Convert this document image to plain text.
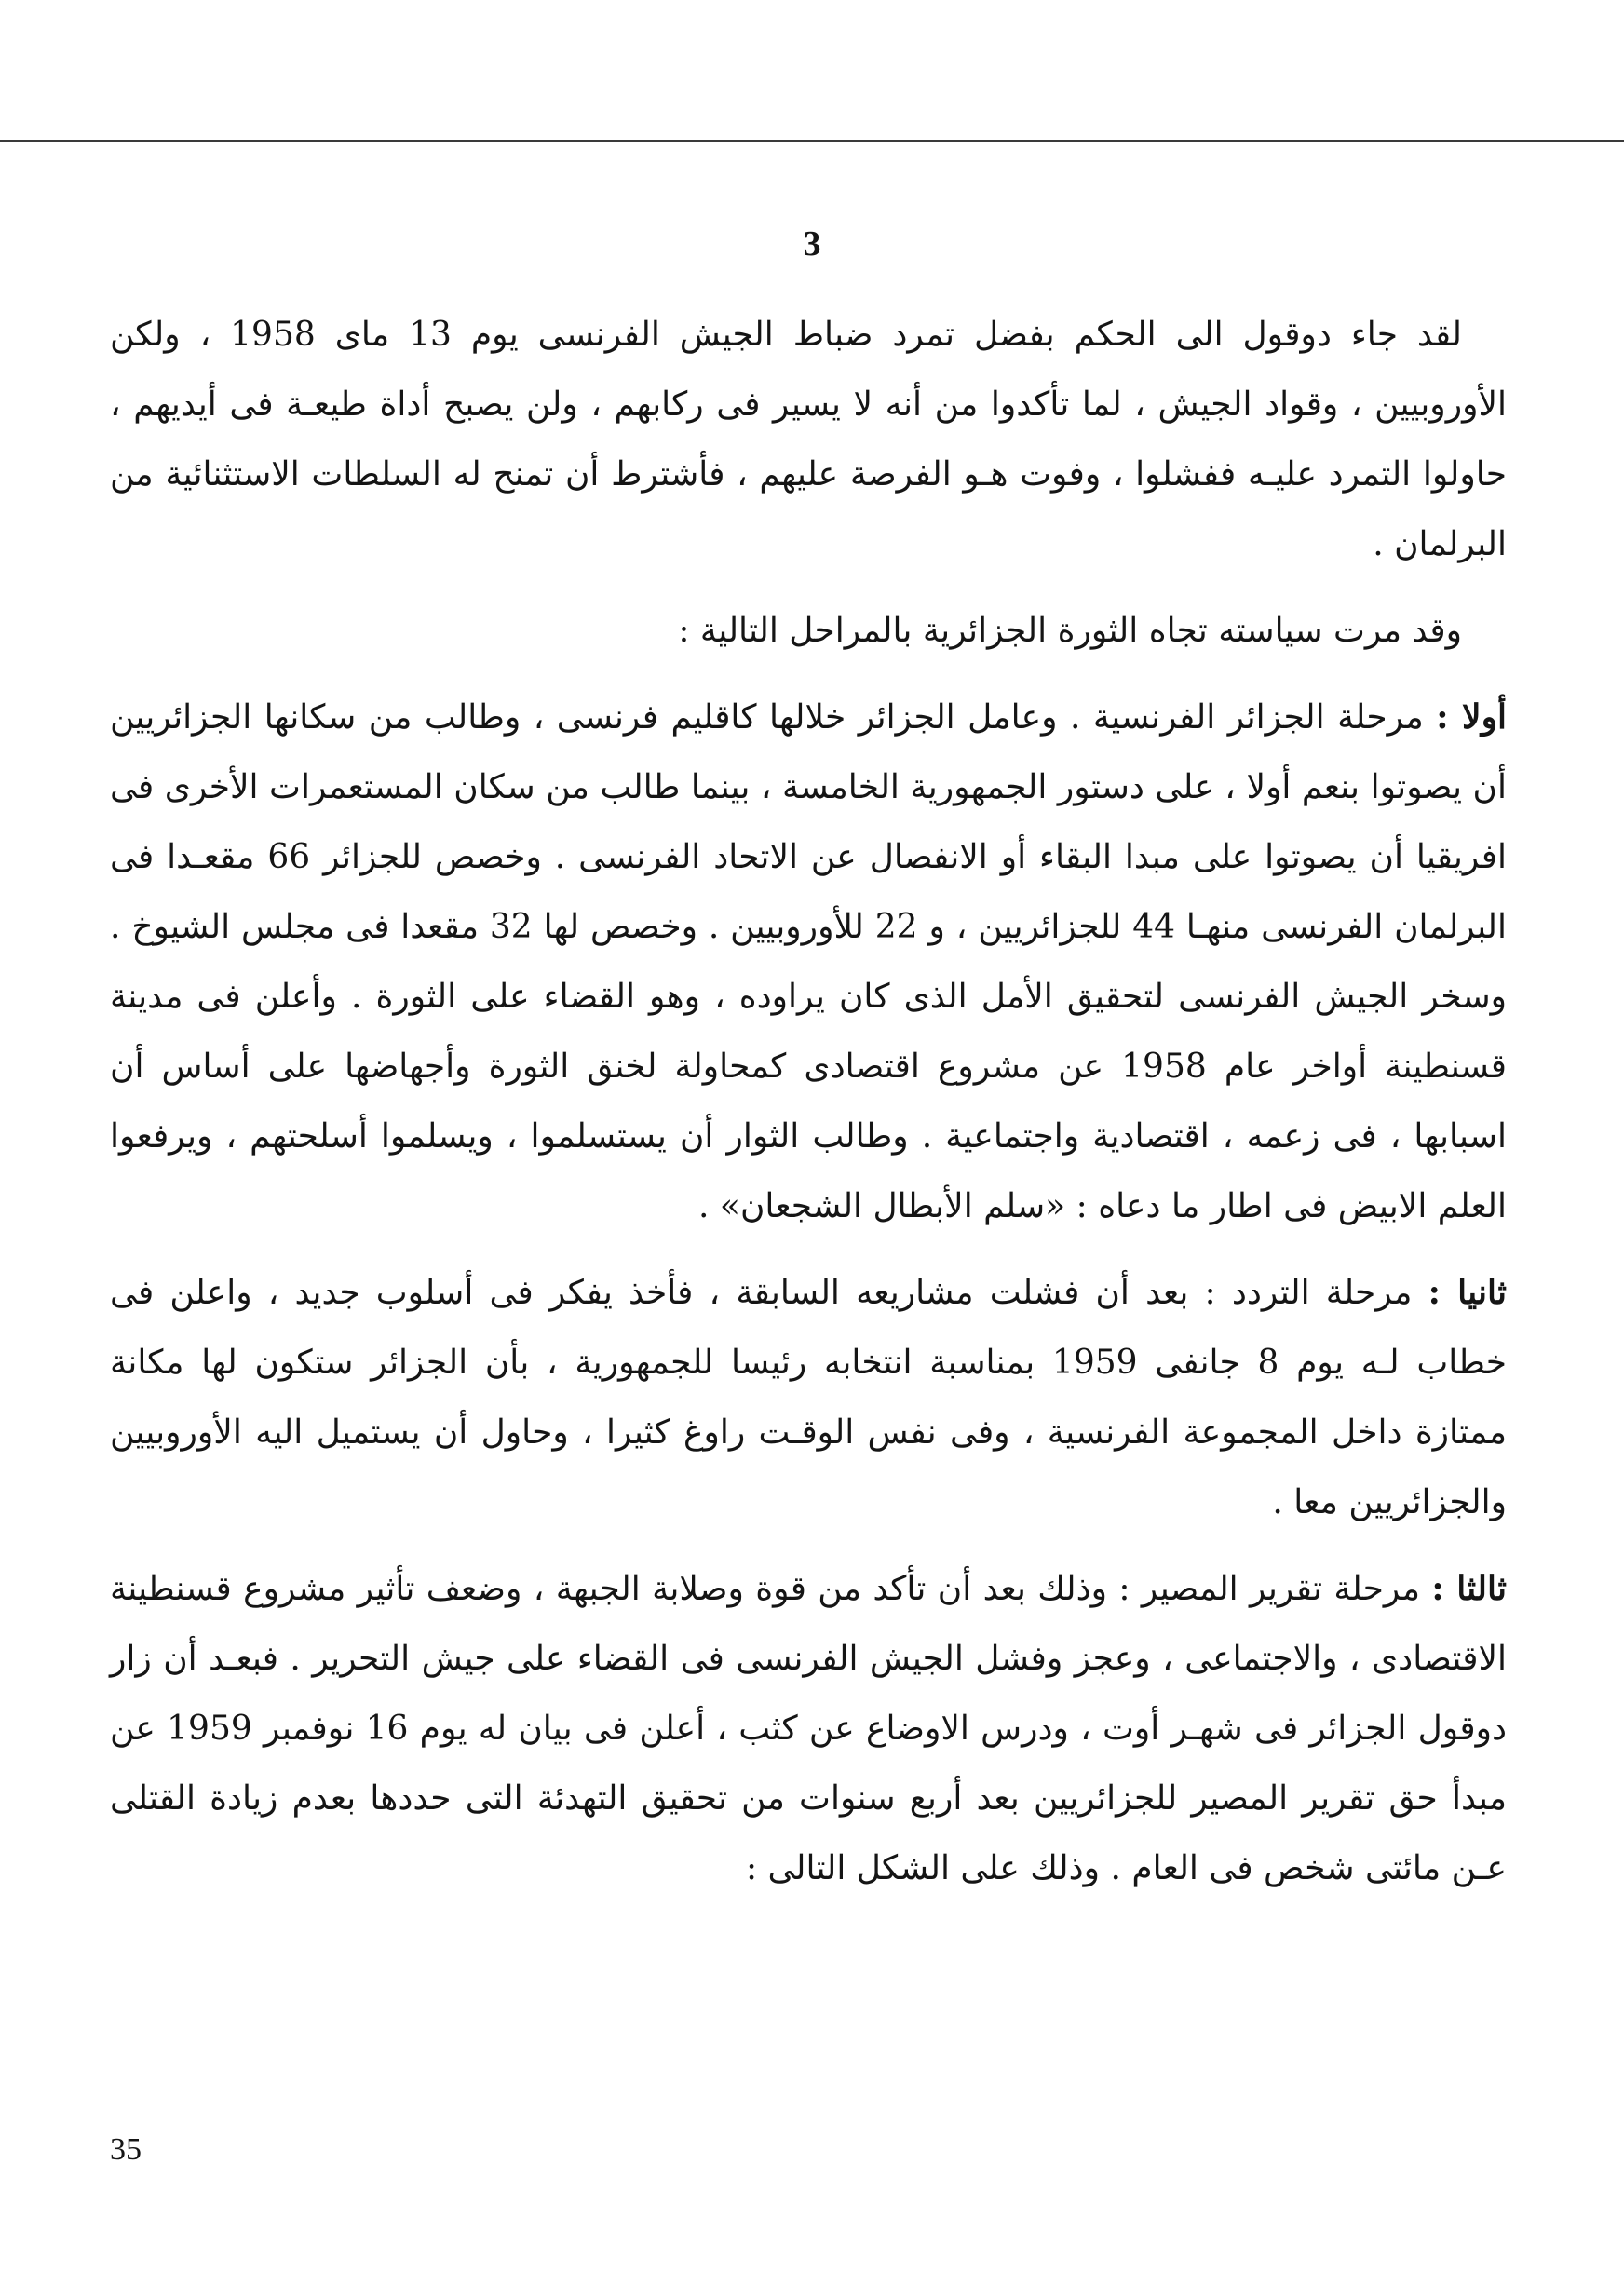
3

لقد جاء دوقول الى الحكم بفضل تمرد ضباط الجيش الفرنسى يوم 13 ماى 1958 ، ولكن الأوروبيين ، وقواد الجيش ، لما تأكدوا من أنه لا يسير فى ركابهم ، ولن يصبح أداة طيعـة فى أيديهم ، حاولوا التمرد عليـه ففشلوا ، وفوت هـو الفرصة عليهم ، فأشترط أن تمنح له السلطات الاستثنائية من البرلمان .

وقد مرت سياسته تجاه الثورة الجزائرية بالمراحل التالية :

أولا : مرحلة الجزائر الفرنسية . وعامل الجزائر خلالها كاقليم فرنسى ، وطالب من سكانها الجزائريين أن يصوتوا بنعم أولا ، على دستور الجمهورية الخامسة ، بينما طالب من سكان المستعمرات الأخرى فى افريقيا أن يصوتوا على مبدا البقاء أو الانفصال عن الاتحاد الفرنسى . وخصص للجزائر 66 مقعـدا فى البرلمان الفرنسى منهـا 44 للجزائريين ، و 22 للأوروبيين . وخصص لها 32 مقعدا فى مجلس الشيوخ . وسخر الجيش الفرنسى لتحقيق الأمل الذى كان يراوده ، وهو القضاء على الثورة . وأعلن فى مدينة قسنطينة أواخر عام 1958 عن مشروع اقتصادى كمحاولة لخنق الثورة وأجهاضها على أساس أن اسبابها ، فى زعمه ، اقتصادية واجتماعية . وطالب الثوار أن يستسلموا ، ويسلموا أسلحتهم ، ويرفعوا العلم الابيض فى اطار ما دعاه : «سلم الأبطال الشجعان» .

ثانيا : مرحلة التردد : بعد أن فشلت مشاريعه السابقة ، فأخذ يفكر فى أسلوب جديد ، واعلن فى خطاب لـه يوم 8 جانفى 1959 بمناسبة انتخابه رئيسا للجمهورية ، بأن الجزائر ستكون لها مكانة ممتازة داخل المجموعة الفرنسية ، وفى نفس الوقـت راوغ كثيرا ، وحاول أن يستميل اليه الأوروبيين والجزائريين معا .

ثالثا : مرحلة تقرير المصير : وذلك بعد أن تأكد من قوة وصلابة الجبهة ، وضعف تأثير مشروع قسنطينة الاقتصادى ، والاجتماعى ، وعجز وفشل الجيش الفرنسى فى القضاء على جيش التحرير . فبعـد أن زار دوقول الجزائر فى شهـر أوت ، ودرس الاوضاع عن كثب ، أعلن فى بيان له يوم 16 نوفمبر 1959 عن مبدأ حق تقرير المصير للجزائريين بعد أربع سنوات من تحقيق التهدئة التى حددها بعدم زيادة القتلى عـن مائتى شخص فى العام . وذلك على الشكل التالى :

35
